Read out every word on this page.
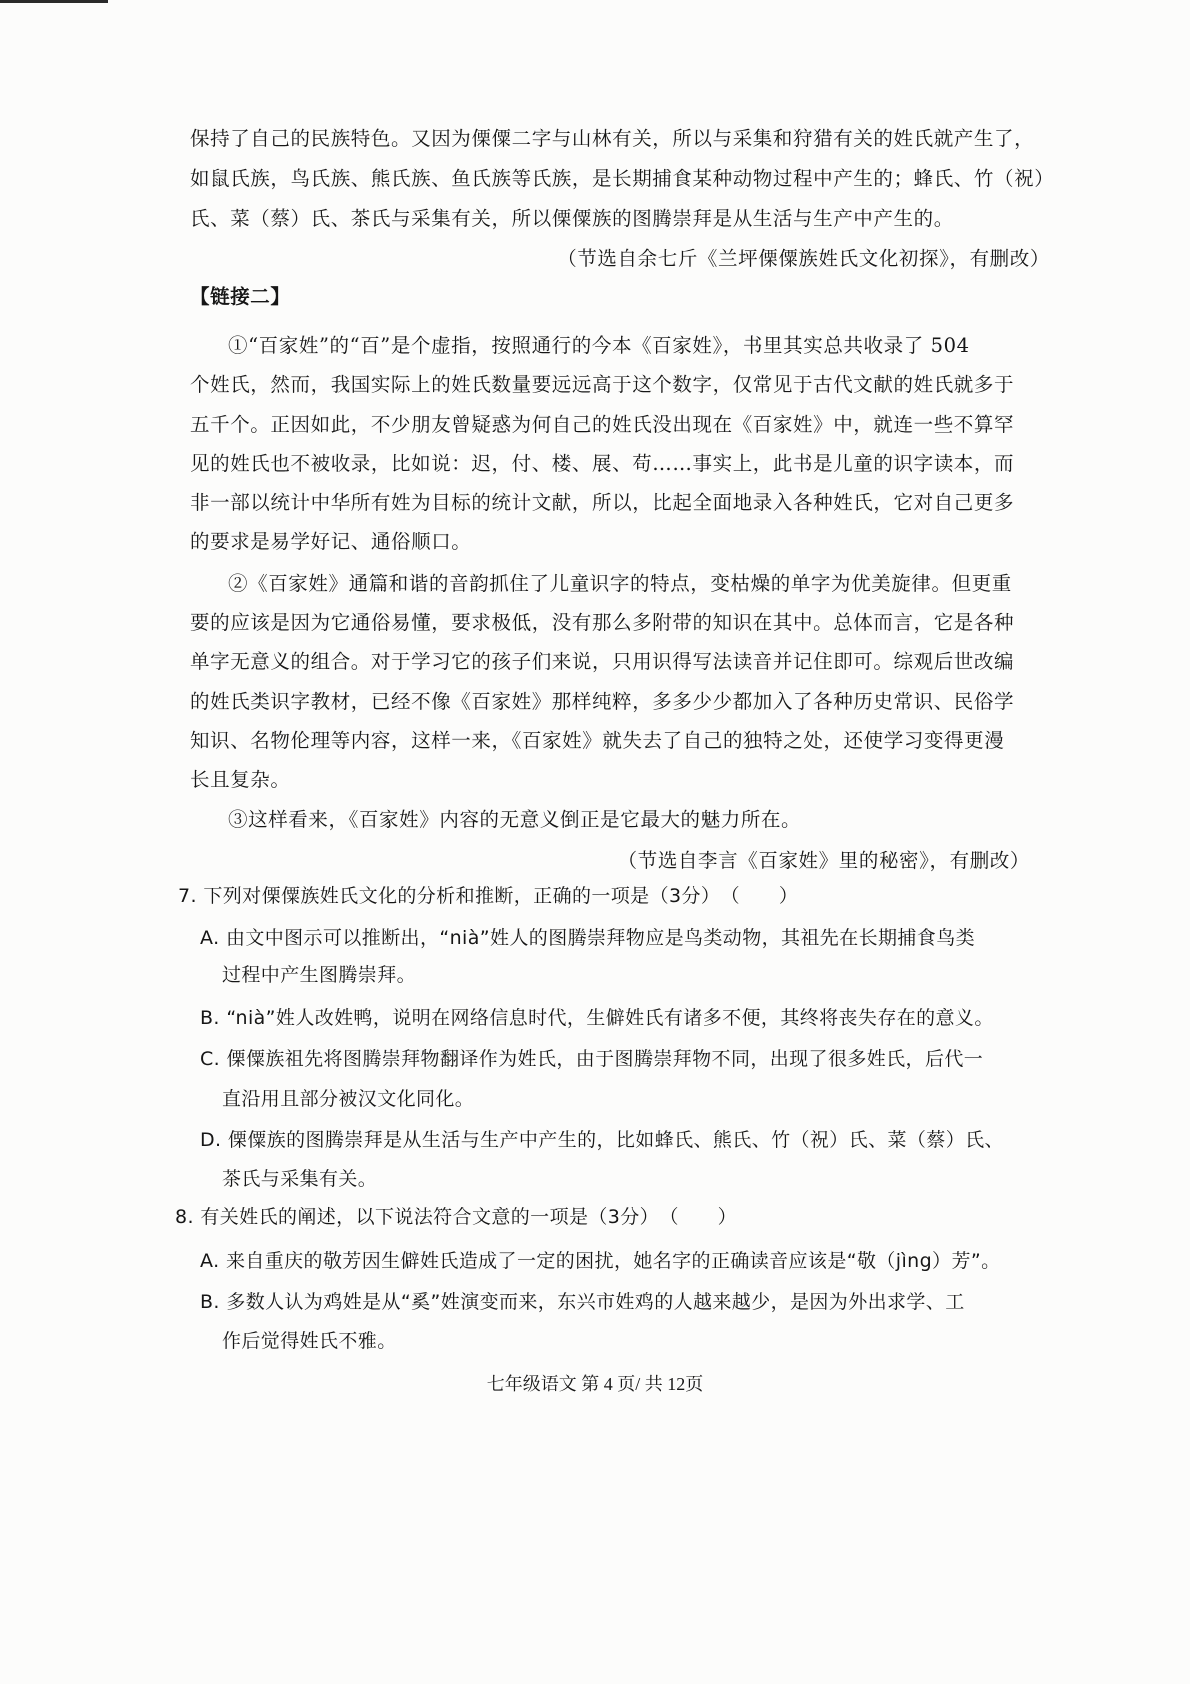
保持了自己的民族特色。又因为傈僳二字与山林有关，所以与采集和狩猎有关的姓氏就产生了，
如鼠氏族，鸟氏族、熊氏族、鱼氏族等氏族，是长期捕食某种动物过程中产生的；蜂氏、竹（祝）
氏、菜（蔡）氏、茶氏与采集有关，所以傈僳族的图腾崇拜是从生活与生产中产生的。
（节选自余七斤《兰坪傈僳族姓氏文化初探》，有删改）
【链接二】
①“百家姓”的“百”是个虚指，按照通行的今本《百家姓》，书里其实总共收录了 504
个姓氏，然而，我国实际上的姓氏数量要远远高于这个数字，仅常见于古代文献的姓氏就多于
五千个。正因如此，不少朋友曾疑惑为何自己的姓氏没出现在《百家姓》中，就连一些不算罕
见的姓氏也不被收录，比如说：迟，付、楼、展、苟……事实上，此书是儿童的识字读本，而
非一部以统计中华所有姓为目标的统计文献，所以，比起全面地录入各种姓氏，它对自己更多
的要求是易学好记、通俗顺口。
②《百家姓》通篇和谐的音韵抓住了儿童识字的特点，变枯燥的单字为优美旋律。但更重
要的应该是因为它通俗易懂，要求极低，没有那么多附带的知识在其中。总体而言，它是各种
单字无意义的组合。对于学习它的孩子们来说，只用识得写法读音并记住即可。综观后世改编
的姓氏类识字教材，已经不像《百家姓》那样纯粹，多多少少都加入了各种历史常识、民俗学
知识、名物伦理等内容，这样一来，《百家姓》就失去了自己的独特之处，还使学习变得更漫
长且复杂。
③这样看来，《百家姓》内容的无意义倒正是它最大的魅力所在。
（节选自李言《百家姓》里的秘密》，有删改）
7. 下列对傈僳族姓氏文化的分析和推断，正确的一项是（3分）　（　　）
A. 由文中图示可以推断出，“nià”姓人的图腾崇拜物应是鸟类动物，其祖先在长期捕食鸟类
过程中产生图腾崇拜。
B. “nià”姓人改姓鸭，说明在网络信息时代，生僻姓氏有诸多不便，其终将丧失存在的意义。
C. 傈僳族祖先将图腾崇拜物翻译作为姓氏，由于图腾崇拜物不同，出现了很多姓氏，后代一
直沿用且部分被汉文化同化。
D. 傈僳族的图腾崇拜是从生活与生产中产生的，比如蜂氏、熊氏、竹（祝）氏、菜（蔡）氏、
茶氏与采集有关。
8. 有关姓氏的阐述，以下说法符合文意的一项是（3分）　（　　）
A. 来自重庆的敬芳因生僻姓氏造成了一定的困扰，她名字的正确读音应该是“敬（jìng）芳”。
B. 多数人认为鸡姓是从“奚”姓演变而来，东兴市姓鸡的人越来越少，是因为外出求学、工
作后觉得姓氏不雅。
七年级语文 第 4 页/ 共 12页
